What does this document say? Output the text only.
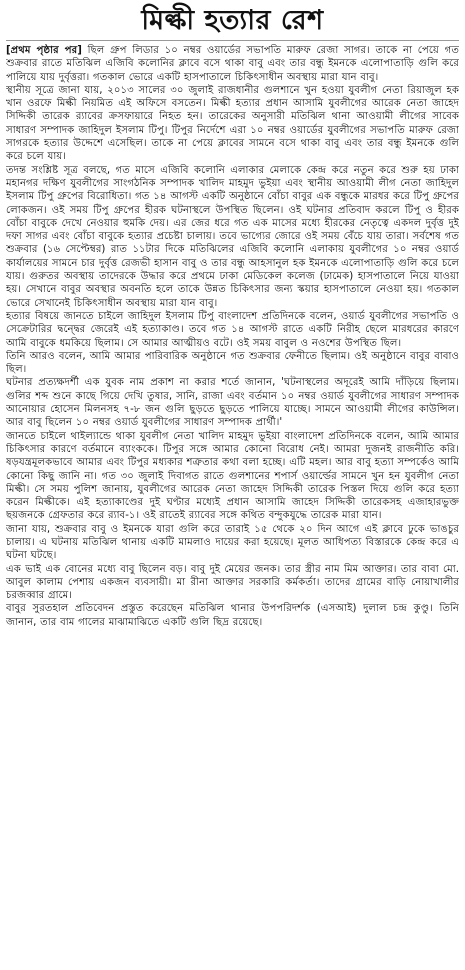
মিল্কী হত্যার রেশ

[প্রথম পৃষ্ঠার পর] ছিল গ্রুপ লিডার ১০ নম্বর ওয়ার্ডের সভাপতি মারুফ রেজা সাগর। তাকে না পেয়ে গত শুক্রবার রাতে মতিঝিল এজিবি কলোনির ক্লাবে বসে থাকা বাবু এবং তার বন্ধু ইমনকে এলোপাতাড়ি গুলি করে পালিয়ে যায় দুর্বৃত্তরা। গতকাল ভোরে একটি হাসপাতালে চিকিৎসাধীন অবস্থায় মারা যান বাবু।

স্থানীয় সূত্রে জানা যায়, ২০১৩ সালের ৩০ জুলাই রাজধানীর গুলশানে খুন হওয়া যুবলীগ নেতা রিয়াজুল হক খান ওরফে মিল্কী নিয়মিত এই অফিসে বসতেন। মিল্কী হত্যার প্রধান আসামি যুবলীগের আরেক নেতা জাহেদ সিদ্দিকী তারেক র‌্যাবের ক্রসফায়ারে নিহত হন। তারেকের অনুসারী মতিঝিল থানা আওয়ামী লীগের সাবেক সাধারণ সম্পাদক জাহিদুল ইসলাম টিপু। টিপুর নির্দেশে এরা ১০ নম্বর ওয়ার্ডের যুবলীগের সভাপতি মারুফ রেজা সাগরকে হত্যার উদ্দেশে এসেছিল। তাকে না পেয়ে ক্লাবের সামনে বসে থাকা বাবু এবং তার বন্ধু ইমনকে গুলি করে চলে যায়।

তদন্ত সংশ্লিষ্ট সূত্র বলছে, গত মাসে এজিবি কলোনি এলাকার মেলাকে কেন্দ্র করে নতুন করে শুরু হয় ঢাকা মহানগর দক্ষিণ যুবলীগের সাংগঠনিক সম্পাদক খালিদ মাহমুদ ভুইয়া এবং স্থানীয় আওয়ামী লীগ নেতা জাহিদুল ইসলাম টিপু গ্রুপের বিরোধিতা। গত ১৪ আগস্ট একটি অনুষ্ঠানে বোঁচা বাবুর এক বন্ধুকে মারধর করে টিপু গ্রুপের লোকজন। ওই সময় টিপু গ্রুপের হীরক ঘটনাস্থলে উপস্থিত ছিলেন। ওই ঘটনার প্রতিবাদ করলে টিপু ও হীরক বোঁচা বাবুকে দেখে নেওয়ার হুমকি দেয়। এর জের ধরে গত এক মাসের মধ্যে হীরকের নেতৃত্বে একদল দুর্বৃত্ত দুই দফা সাগর এবং বোঁচা বাবুকে হত্যার প্রচেষ্টা চালায়। তবে ভাগ্যের জোরে ওই সময় বেঁচে যায় তারা। সর্বশেষ গত শুক্রবার (১৬ সেপ্টেম্বর) রাত ১১টার দিকে মতিঝিলের এজিবি কলোনি এলাকায় যুবলীগের ১০ নম্বর ওয়ার্ড কার্যালয়ের সামনে চার দুর্বৃত্ত রেজভী হাসান বাবু ও তার বন্ধু আহসানুল হক ইমনকে এলোপাতাড়ি গুলি করে চলে যায়। গুরুতর অবস্থায় তাদেরকে উদ্ধার করে প্রথমে ঢাকা মেডিকেল কলেজ (ঢামেক) হাসপাতালে নিয়ে যাওয়া হয়। সেখানে বাবুর অবস্থার অবনতি হলে তাকে উন্নত চিকিৎসার জন্য স্কয়ার হাসপাতালে নেওয়া হয়। গতকাল ভোরে সেখানেই চিকিৎসাধীন অবস্থায় মারা যান বাবু।

হত্যার বিষয়ে জানতে চাইলে জাহিদুল ইসলাম টিপু বাংলাদেশ প্রতিদিনকে বলেন, ওয়ার্ড যুবলীগের সভাপতি ও সেক্রেটারির দ্বন্দ্বের জেরেই এই হত্যাকাণ্ড। তবে গত ১৪ আগস্ট রাতে একটি নিরীহ ছেলে মারধরের কারণে আমি বাবুকে ধমকিয়ে ছিলাম। সে আমার আত্মীয়ও বটে। ওই সময় বাবুল ও নওশের উপস্থিত ছিল।

তিনি আরও বলেন, আমি আমার পারিবারিক অনুষ্ঠানে গত শুক্রবার ফেনীতে ছিলাম। ওই অনুষ্ঠানে বাবুর বাবাও ছিল।

ঘটনার প্রত্যক্ষদর্শী এক যুবক নাম প্রকাশ না করার শর্তে জানান, 'ঘটনাস্থলের অদূরেই আমি দাঁড়িয়ে ছিলাম। গুলির শব্দ শুনে কাছে গিয়ে দেখি তুষার, সানি, রাজা এবং বর্তমান ১০ নম্বর ওয়ার্ড যুবলীগের সাধারণ সম্পাদক আনোয়ার হোসেন মিলনসহ ৭-৮ জন গুলি ছুড়তে ছুড়তে পালিয়ে যাচ্ছে। সামনে আওয়ামী লীগের কাউন্সিল। আর বাবু ছিলেন ১০ নম্বর ওয়ার্ড যুবলীগের সাধারণ সম্পাদক প্রার্থী।'

জানতে চাইলে থাইল্যান্ডে থাকা যুবলীগ নেতা খালিদ মাহমুদ ভুইয়া বাংলাদেশ প্রতিদিনকে বলেন, আমি আমার চিকিৎসার কারণে বর্তমানে ব্যাংককে। টিপুর সঙ্গে আমার কোনো বিরোধ নেই। আমরা দুজনই রাজনীতি করি। ষড়যন্ত্রমূলকভাবে আমার এবং টিপুর মধ্যকার শত্রুতার কথা বলা হচ্ছে। এটি মহল। আর বাবু হত্যা সম্পর্কেও আমি কোনো কিছু জানি না। গত ৩০ জুলাই দিবাগত রাতে গুলশানের শপার্স ওয়ার্ল্ডের সামনে খুন হন যুবলীগ নেতা মিল্কী। সে সময় পুলিশ জানায়, যুবলীগের আরেক নেতা জাহেদ সিদ্দিকী তারেক পিস্তল দিয়ে গুলি করে হত্যা করেন মিল্কীকে। এই হত্যাকাণ্ডের দুই ঘণ্টার মধ্যেই প্রধান আসামি জাহেদ সিদ্দিকী তারেকসহ এজাহারভুক্ত ছয়জনকে গ্রেফতার করে র‌্যাব-১। ওই রাতেই র‌্যাবের সঙ্গে কথিত বন্দুকযুদ্ধে তারেক মারা যান।

জানা যায়, শুক্রবার বাবু ও ইমনকে যারা গুলি করে তারাই ১৫ থেকে ২০ দিন আগে এই ক্লাবে ঢুকে ভাঙচুর চালায়। এ ঘটনায় মতিঝিল থানায় একটি মামলাও দায়ের করা হয়েছে। মূলত আধিপত্য বিস্তারকে কেন্দ্র করে এ ঘটনা ঘটছে।

এক ভাই এক বোনের মধ্যে বাবু ছিলেন বড়। বাবু দুই মেয়ের জনক। তার স্ত্রীর নাম মিম আক্তার। তার বাবা মো. আবুল কালাম পেশায় একজন ব্যবসায়ী। মা রীনা আক্তার সরকারি কর্মকর্তা। তাদের গ্রামের বাড়ি নোয়াখালীর চরজব্বার গ্রামে।

বাবুর সুরতহাল প্রতিবেদন প্রস্তুত করেছেন মতিঝিল থানার উপপরিদর্শক (এসআই) দুলাল চন্দ্র কুণ্ডু। তিনি জানান, তার বাম গালের মাঝামাঝিতে একটি গুলি ছিদ্র রয়েছে।
